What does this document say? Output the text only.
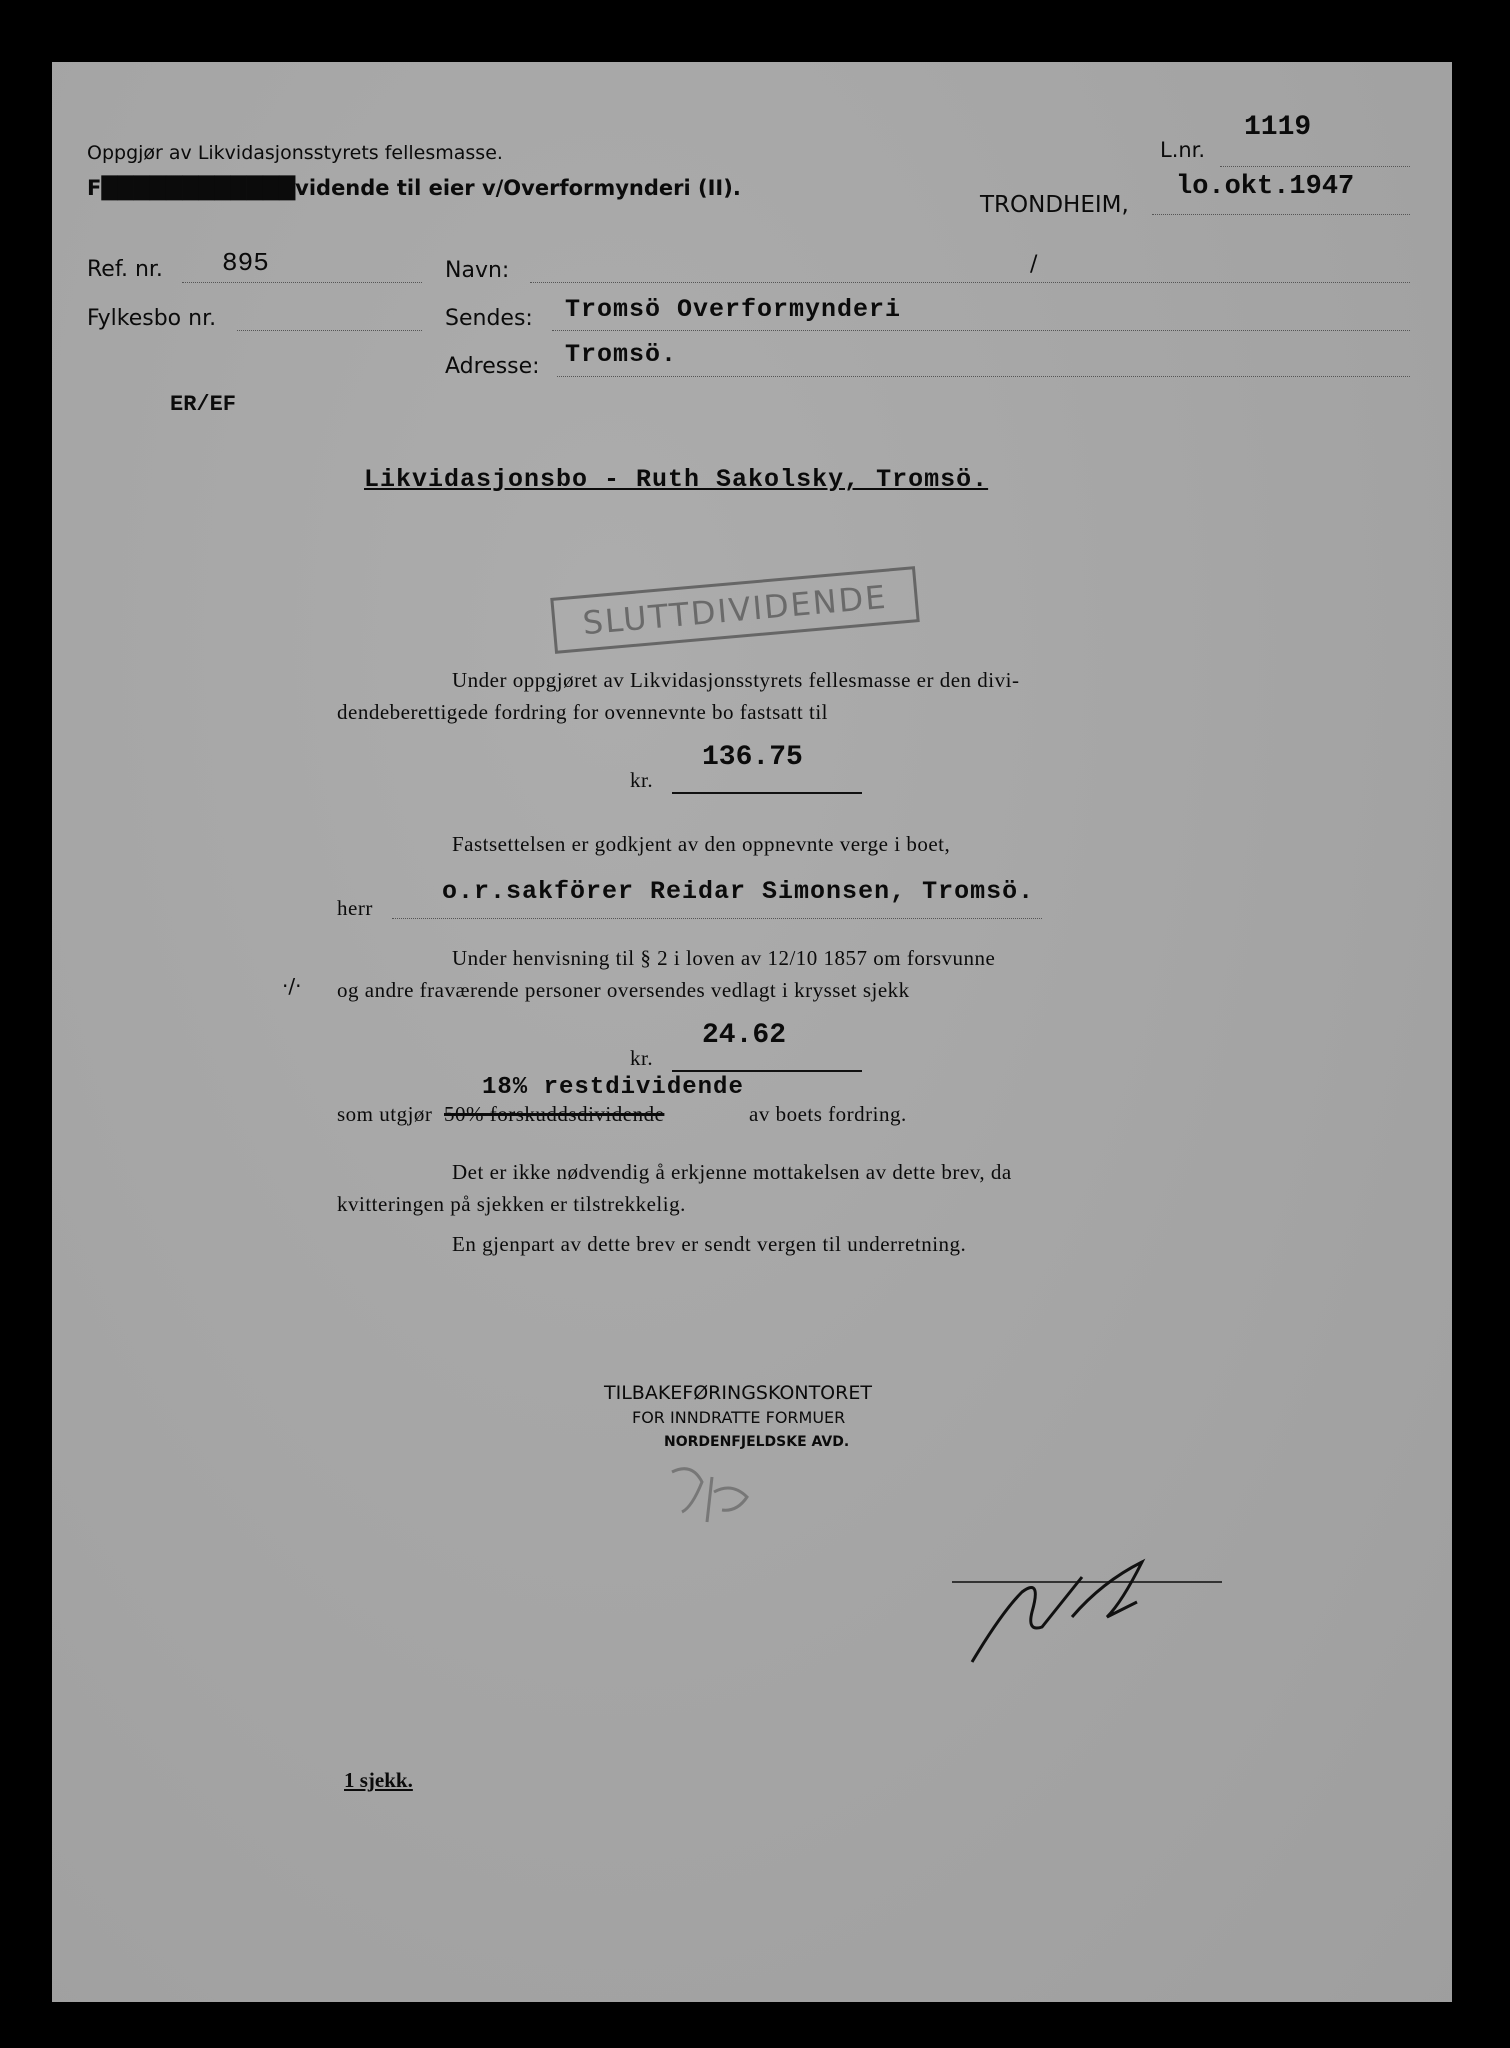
Oppgjør av Likvidasjonsstyrets fellesmasse.
F████████████vidende til eier v/Overformynderi (II).
L.nr.
1119
TRONDHEIM,
lo.okt.1947
Ref. nr. 895
Fylkesbo nr.
Navn:	/
Sendes: Tromsö Overformynderi
Adresse: Tromsö.
ER/EF
Likvidasjonsbo - Ruth Sakolsky, Tromsö.
SLUTTDIVIDENDE
Under oppgjøret av Likvidasjonsstyrets fellesmasse er den divi-
dendeberettigede fordring for ovennevnte bo fastsatt til
kr.
136.75
Fastsettelsen er godkjent av den oppnevnte verge i boet,
herr
o.r.sakförer Reidar Simonsen, Tromsö.
Under henvisning til § 2 i loven av 12/10 1857 om forsvunne
·/· og andre fraværende personer oversendes vedlagt i krysset sjekk
kr.
24.62
18% restdividende
som utgjør 50% forskuddsdividende	av boets fordring.
Det er ikke nødvendig å erkjenne mottakelsen av dette brev, da
kvitteringen på sjekken er tilstrekkelig.
En gjenpart av dette brev er sendt vergen til underretning.
TILBAKEFØRINGSKONTORET
FOR INNDRATTE FORMUER
NORDENFJELDSKE AVD.
1 sjekk.
